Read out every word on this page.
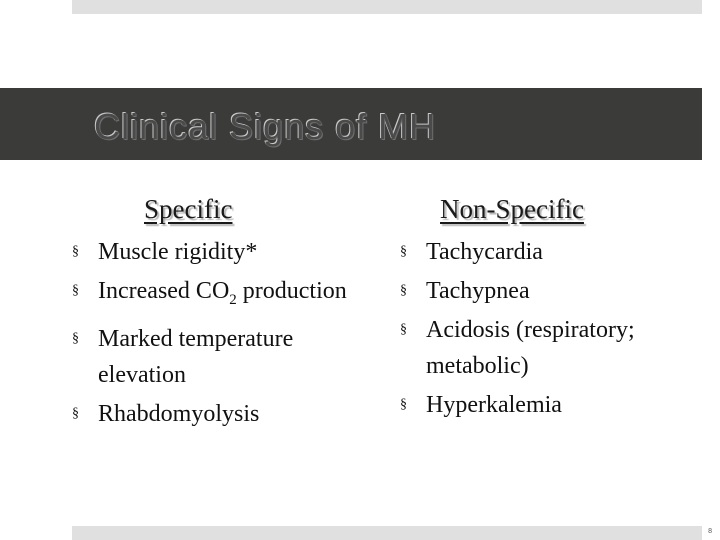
Clinical Signs of MH
Specific	Non-Specific
§ Muscle rigidity*
§ Increased $CO_2$ production
§ Marked temperature elevation
§ Rhabdomyolysis
§ Tachycardia
§ Tachypnea
§ Acidosis (respiratory; metabolic)
§ Hyperkalemia
8
